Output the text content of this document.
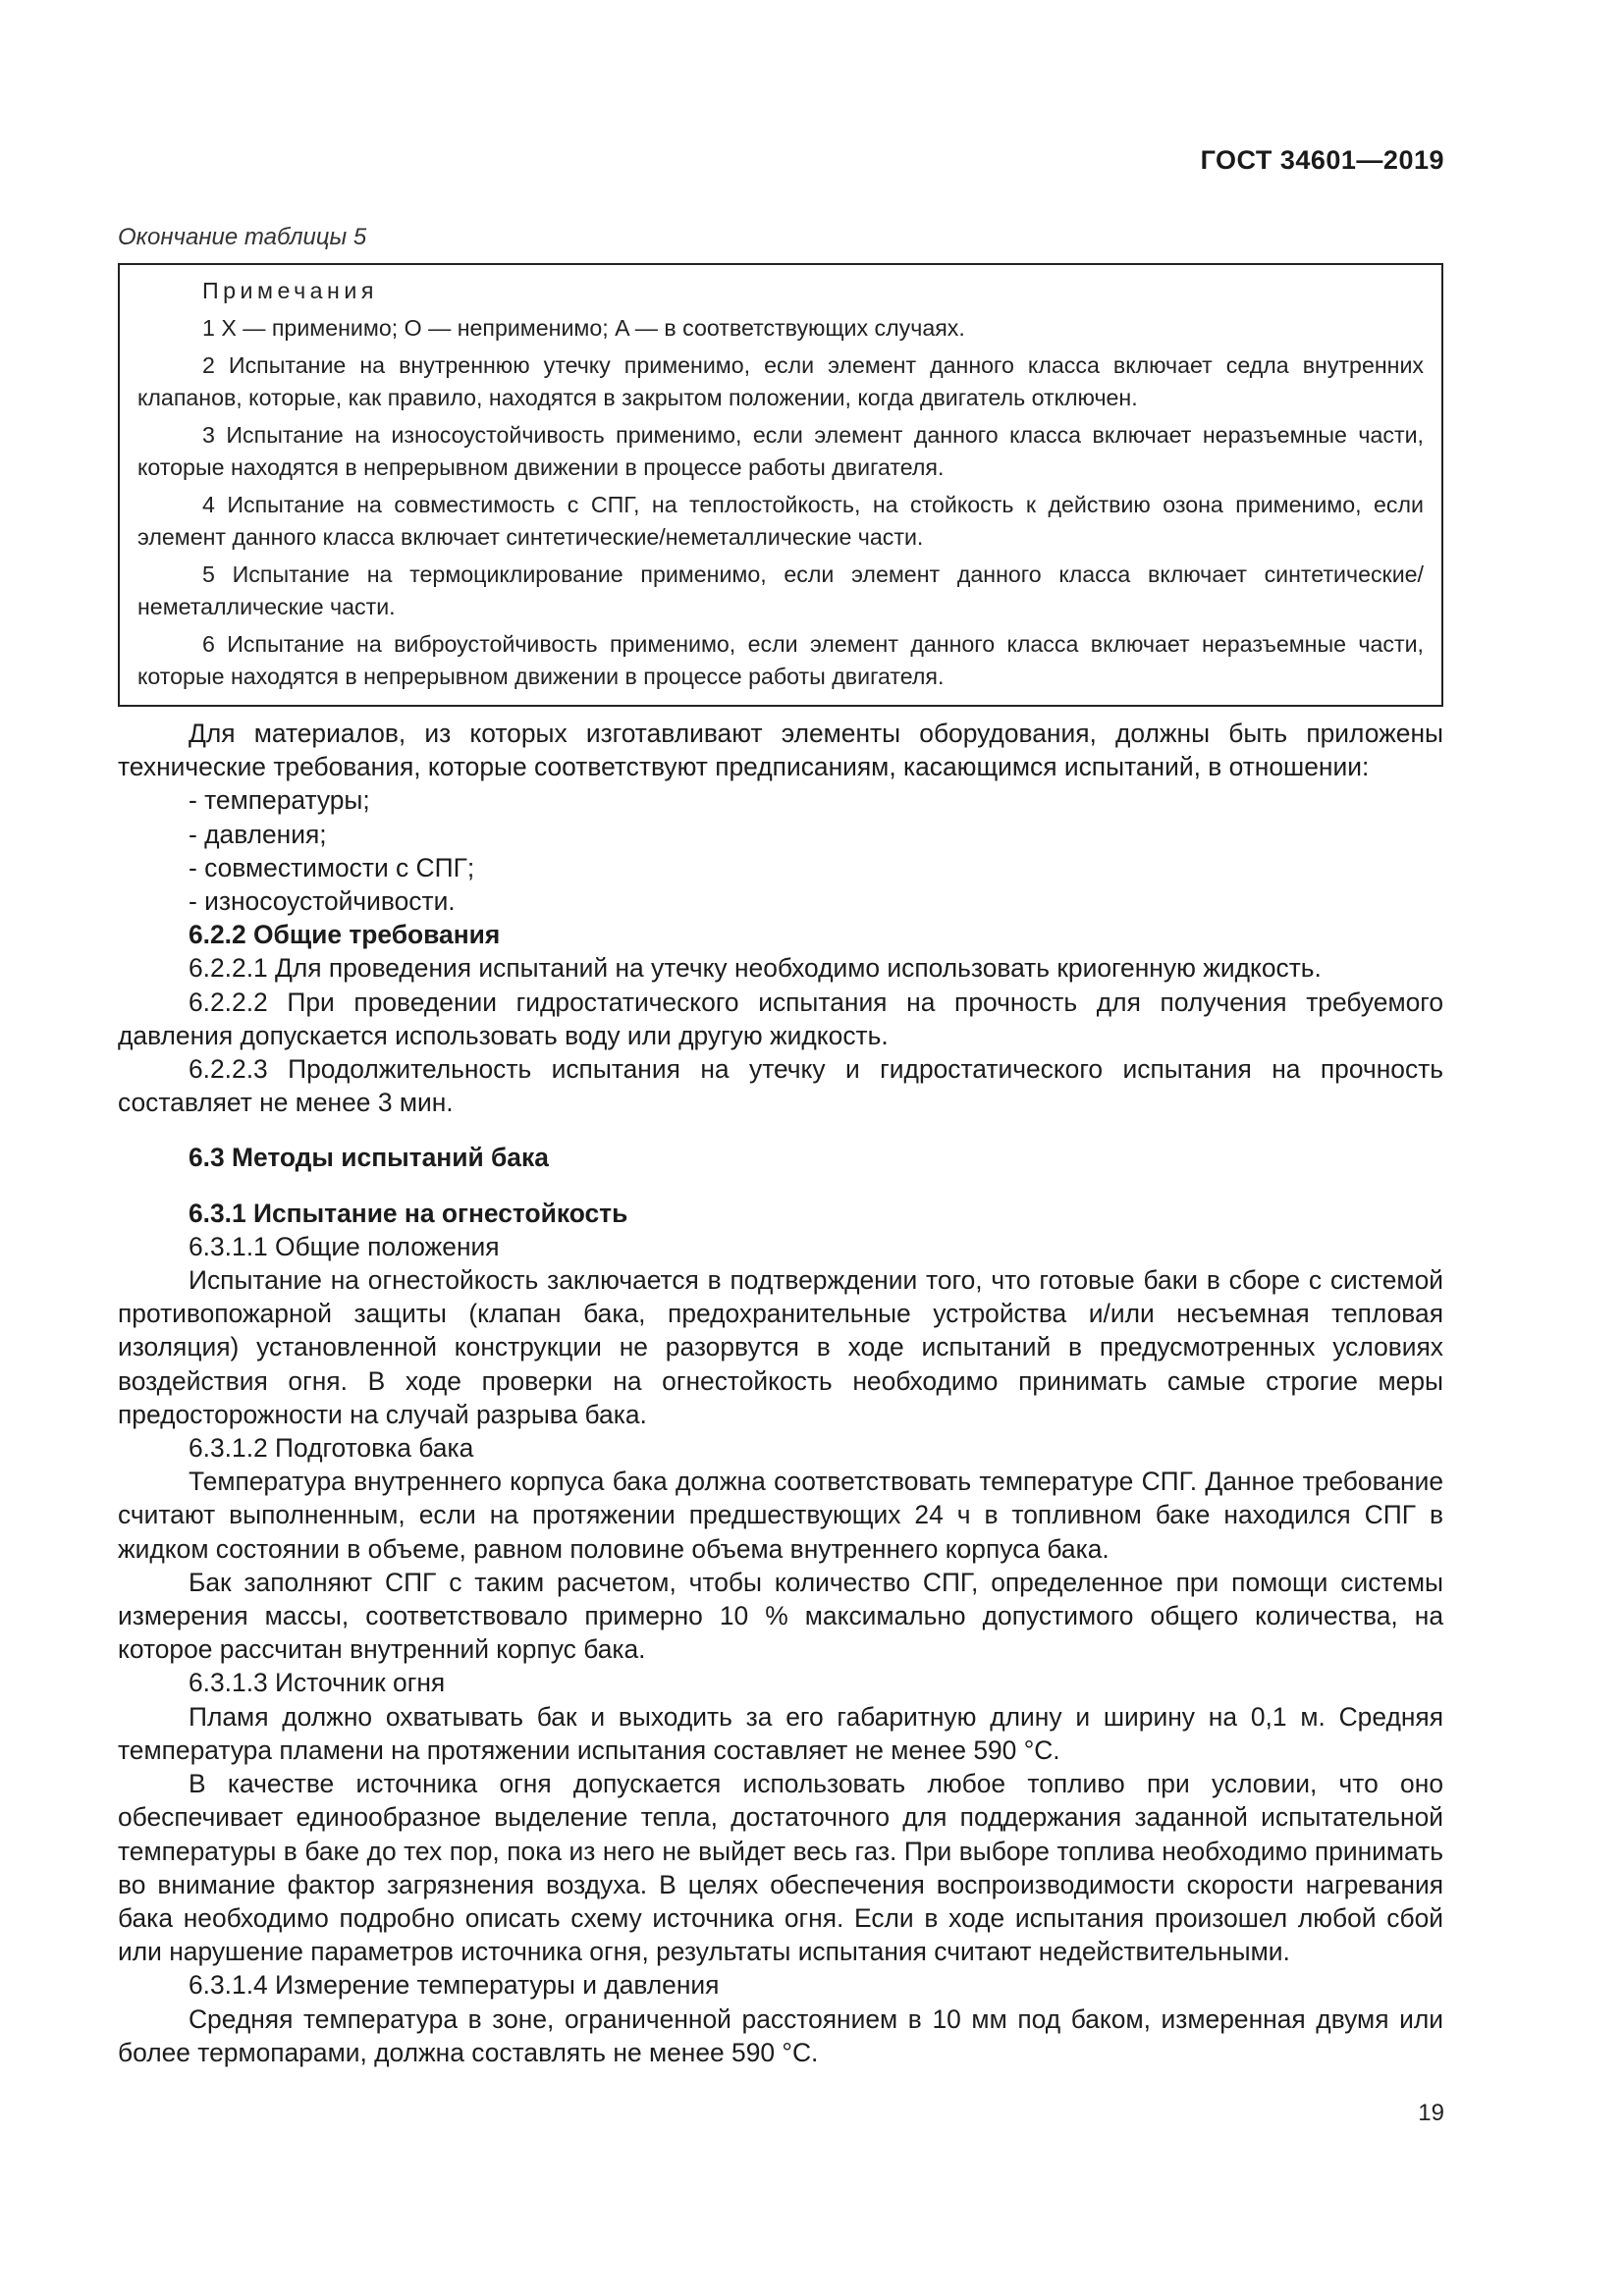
ГОСТ 34601—2019
Окончание таблицы 5
Примечания

1 X — применимо; O — неприменимо; A — в соответствующих случаях.

2 Испытание на внутреннюю утечку применимо, если элемент данного класса включает седла внутренних клапанов, которые, как правило, находятся в закрытом положении, когда двигатель отключен.

3 Испытание на износоустойчивость применимо, если элемент данного класса включает неразъемные части, которые находятся в непрерывном движении в процессе работы двигателя.

4 Испытание на совместимость с СПГ, на теплостойкость, на стойкость к действию озона применимо, если элемент данного класса включает синтетические/неметаллические части.

5 Испытание на термоциклирование применимо, если элемент данного класса включает синтетические/неметаллические части.

6 Испытание на виброустойчивость применимо, если элемент данного класса включает неразъемные части, которые находятся в непрерывном движении в процессе работы двигателя.

Для материалов, из которых изготавливают элементы оборудования, должны быть приложены технические требования, которые соответствуют предписаниям, касающимся испытаний, в отношении:

- температуры;
- давления;
- совместимости с СПГ;
- износоустойчивости.

6.2.2 Общие требования

6.2.2.1 Для проведения испытаний на утечку необходимо использовать криогенную жидкость.

6.2.2.2 При проведении гидростатического испытания на прочность для получения требуемого давления допускается использовать воду или другую жидкость.

6.2.2.3 Продолжительность испытания на утечку и гидростатического испытания на прочность составляет не менее 3 мин.

6.3 Методы испытаний бака

6.3.1 Испытание на огнестойкость

6.3.1.1 Общие положения

Испытание на огнестойкость заключается в подтверждении того, что готовые баки в сборе с системой противопожарной защиты (клапан бака, предохранительные устройства и/или несъемная тепловая изоляция) установленной конструкции не разорвутся в ходе испытаний в предусмотренных условиях воздействия огня. В ходе проверки на огнестойкость необходимо принимать самые строгие меры предосторожности на случай разрыва бака.

6.3.1.2 Подготовка бака

Температура внутреннего корпуса бака должна соответствовать температуре СПГ. Данное требование считают выполненным, если на протяжении предшествующих 24 ч в топливном баке находился СПГ в жидком состоянии в объеме, равном половине объема внутреннего корпуса бака.

Бак заполняют СПГ с таким расчетом, чтобы количество СПГ, определенное при помощи системы измерения массы, соответствовало примерно 10 % максимально допустимого общего количества, на которое рассчитан внутренний корпус бака.

6.3.1.3 Источник огня

Пламя должно охватывать бак и выходить за его габаритную длину и ширину на 0,1 м. Средняя температура пламени на протяжении испытания составляет не менее 590 °С.

В качестве источника огня допускается использовать любое топливо при условии, что оно обеспечивает единообразное выделение тепла, достаточного для поддержания заданной испытательной температуры в баке до тех пор, пока из него не выйдет весь газ. При выборе топлива необходимо принимать во внимание фактор загрязнения воздуха. В целях обеспечения воспроизводимости скорости нагревания бака необходимо подробно описать схему источника огня. Если в ходе испытания произошел любой сбой или нарушение параметров источника огня, результаты испытания считают недействительными.

6.3.1.4 Измерение температуры и давления

Средняя температура в зоне, ограниченной расстоянием в 10 мм под баком, измеренная двумя или более термопарами, должна составлять не менее 590 °С.

19
